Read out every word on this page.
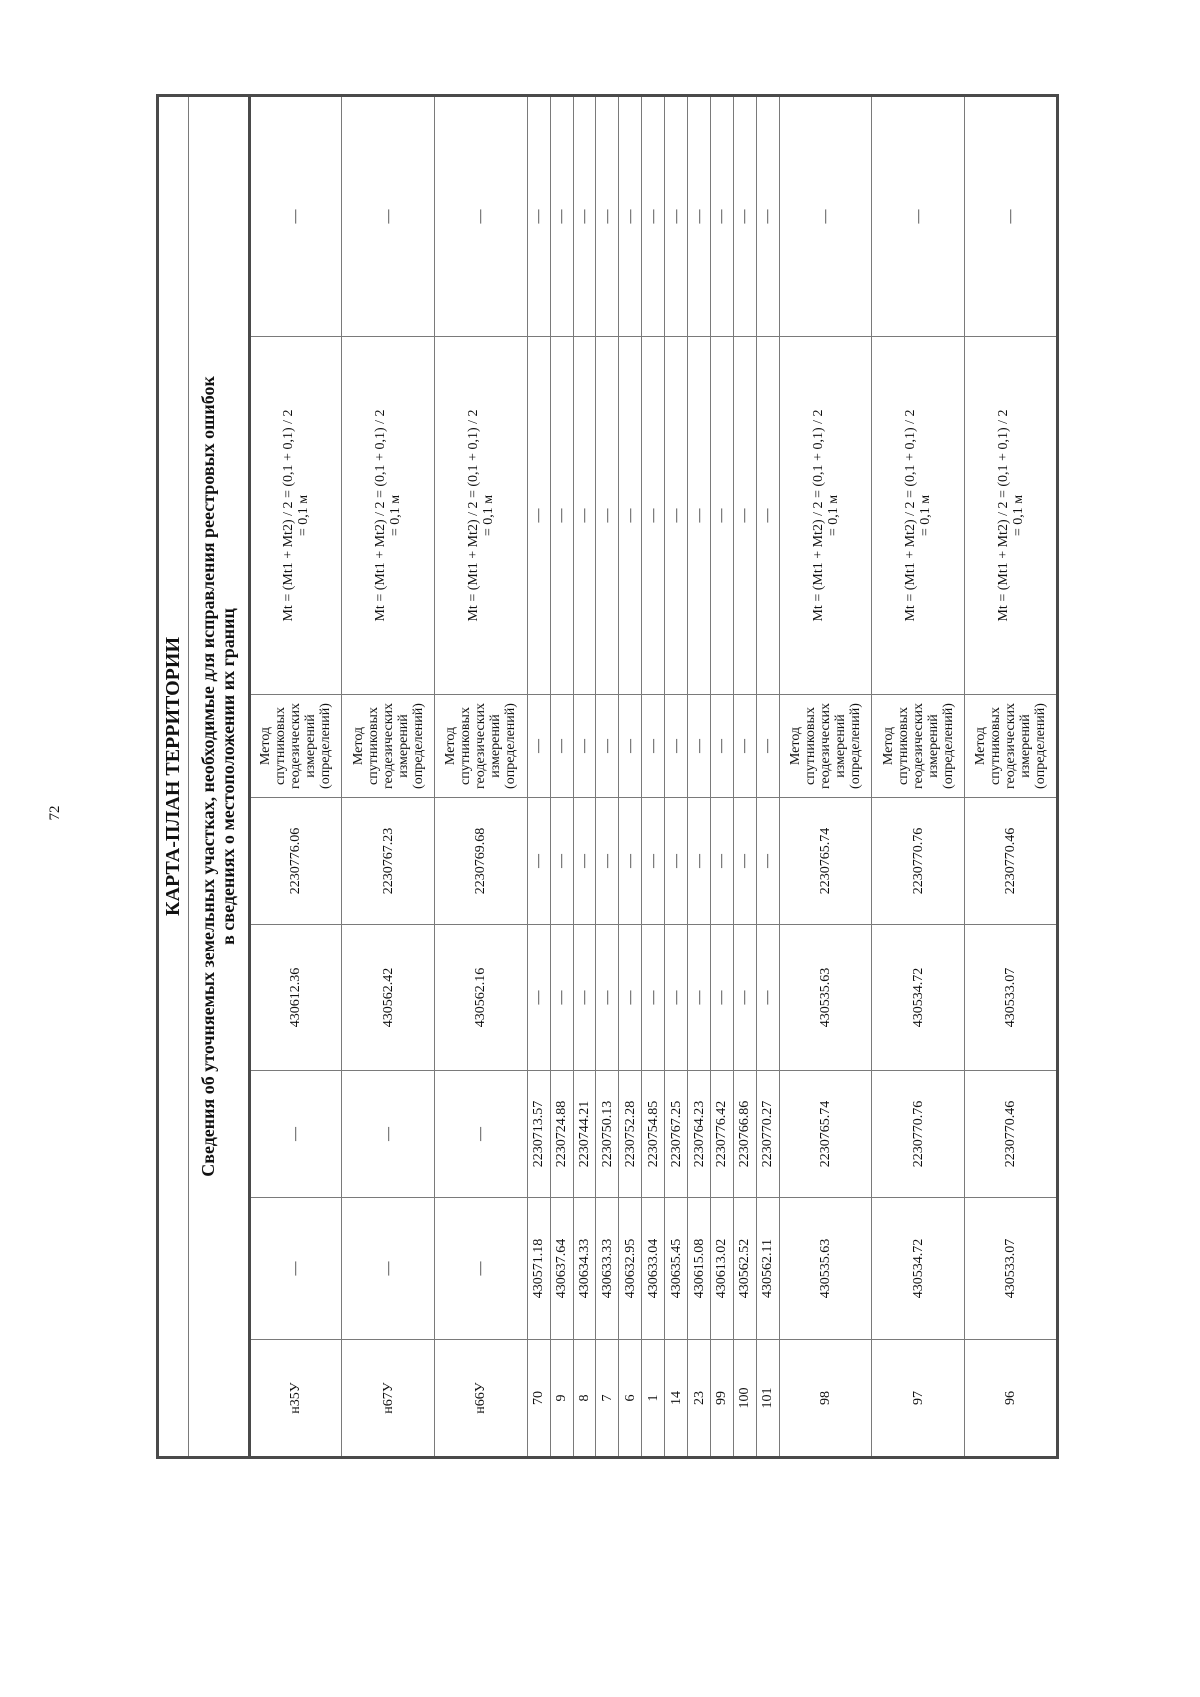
72	КАРТА-ПЛАН ТЕРРИТОРИИ							

Сведения об уточняемых земельных участках, необходимые для исправления реестровых ошибок в сведениях о местоположении их границ							

н35У	—	—	430612.36	2230776.06	Метод спутниковых геодезических измерений (определений)	Mt = (Mt1 + Mt2) / 2 = (0,1 + 0,1) / 2 = 0,1 м	—
н67У	—	—	430562.42	2230767.23	Метод спутниковых геодезических измерений (определений)	Mt = (Mt1 + Mt2) / 2 = (0,1 + 0,1) / 2 = 0,1 м	—
н66У	—	—	430562.16	2230769.68	Метод спутниковых геодезических измерений (определений)	Mt = (Mt1 + Mt2) / 2 = (0,1 + 0,1) / 2 = 0,1 м	—
70	430571.18	2230713.57	—	—	—	—	—
9	430637.64	2230724.88	—	—	—	—	—
8	430634.33	2230744.21	—	—	—	—	—
7	430633.33	2230750.13	—	—	—	—	—
6	430632.95	2230752.28	—	—	—	—	—
1	430633.04	2230754.85	—	—	—	—	—
14	430635.45	2230767.25	—	—	—	—	—
23	430615.08	2230764.23	—	—	—	—	—
99	430613.02	2230776.42	—	—	—	—	—
100	430562.52	2230766.86	—	—	—	—	—
101	430562.11	2230770.27	—	—	—	—	—
98	430535.63	2230765.74	430535.63	2230765.74	Метод спутниковых геодезических измерений (определений)	Mt = (Mt1 + Mt2) / 2 = (0,1 + 0,1) / 2 = 0,1 м	—
97	430534.72	2230770.76	430534.72	2230770.76	Метод спутниковых геодезических измерений (определений)	Mt = (Mt1 + Mt2) / 2 = (0,1 + 0,1) / 2 = 0,1 м	—
96	430533.07	2230770.46	430533.07	2230770.46	Метод спутниковых геодезических измерений (определений)	Mt = (Mt1 + Mt2) / 2 = (0,1 + 0,1) / 2 = 0,1 м	—
